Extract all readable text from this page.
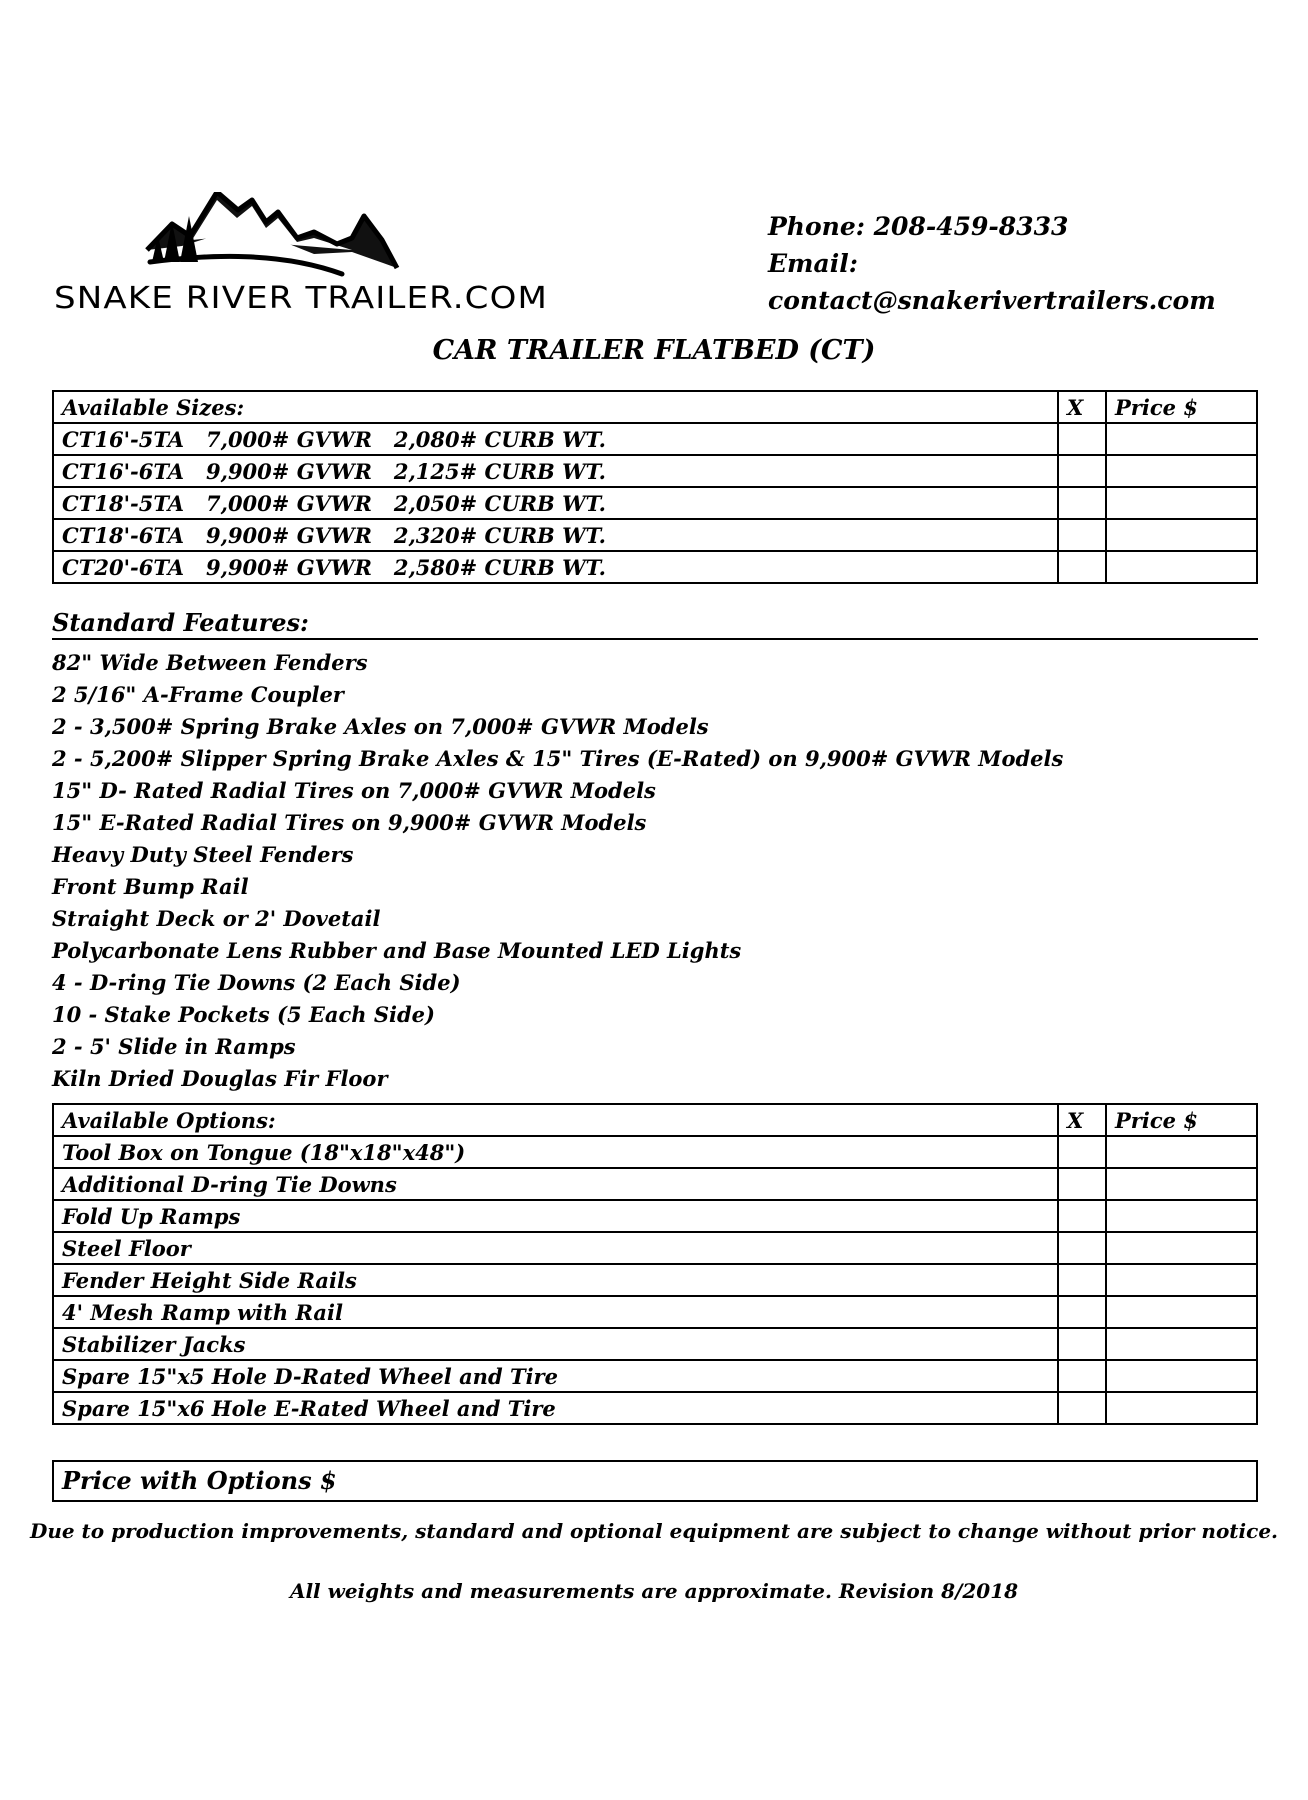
SNAKE RIVER TRAILER.COM
Phone: 208-459-8333
Email: contact@snakerivertrailers.com
CAR TRAILER FLATBED (CT)
Available Sizes:	X	Price $
CT16'-5TA   7,000# GVWR   2,080# CURB WT.		
CT16'-6TA   9,900# GVWR   2,125# CURB WT.		
CT18'-5TA   7,000# GVWR   2,050# CURB WT.		
CT18'-6TA   9,900# GVWR   2,320# CURB WT.		
CT20'-6TA   9,900# GVWR   2,580# CURB WT.		
Standard Features:
82" Wide Between Fenders
2 5/16" A-Frame Coupler
2 - 3,500# Spring Brake Axles on 7,000# GVWR Models
2 - 5,200# Slipper Spring Brake Axles & 15" Tires (E-Rated) on 9,900# GVWR Models
15" D- Rated Radial Tires on 7,000# GVWR Models
15" E-Rated Radial Tires on 9,900# GVWR Models
Heavy Duty Steel Fenders
Front Bump Rail
Straight Deck or 2' Dovetail
Polycarbonate Lens Rubber and Base Mounted LED Lights
4 - D-ring Tie Downs (2 Each Side)
10 - Stake Pockets (5 Each Side)
2 - 5' Slide in Ramps
Kiln Dried Douglas Fir Floor
Available Options:	X	Price $
Tool Box on Tongue (18"x18"x48")		
Additional D-ring Tie Downs		
Fold Up Ramps		
Steel Floor		
Fender Height Side Rails		
4' Mesh Ramp with Rail		
Stabilizer Jacks		
Spare 15"x5 Hole D-Rated Wheel and Tire		
Spare 15"x6 Hole E-Rated Wheel and Tire		
Price with Options $
Due to production improvements, standard and optional equipment are subject to change without prior notice.
All weights and measurements are approximate. Revision 8/2018
